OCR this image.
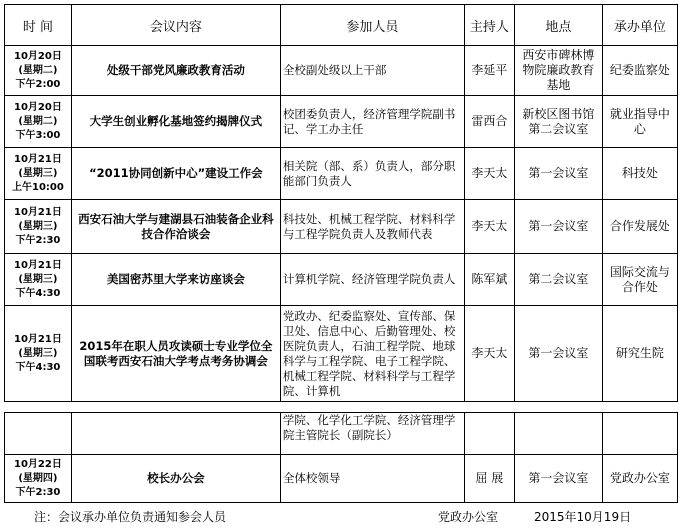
时 间	会议内容	参加人员	主持人	地点	承办单位

10月20日
(星期二)
下午2:00	处级干部党风廉政教育活动	全校副处级以上干部	李延平	西安市碑林博物院廉政教育基地	纪委监察处

10月20日
(星期二)
下午3:00	大学生创业孵化基地签约揭牌仪式	校团委负责人，经济管理学院副书记、学工办主任	雷西合	新校区图书馆第二会议室	就业指导中心

10月21日
(星期三)
上午10:00	“2011协同创新中心”建设工作会	相关院（部、系）负责人，部分职能部门负责人	李天太	第一会议室	科技处

10月21日
(星期三)
下午2:30	西安石油大学与建湖县石油装备企业科技合作洽谈会	科技处、机械工程学院、材料科学与工程学院负责人及教师代表	李天太	第一会议室	合作发展处

10月21日
(星期三)
下午4:30	美国密苏里大学来访座谈会	计算机学院、经济管理学院负责人	陈军斌	第二会议室	国际交流与合作处

10月21日
(星期三)
下午4:30	2015年在职人员攻读硕士专业学位全国联考西安石油大学考点考务协调会	党政办、纪委监察处、宣传部、保卫处、信息中心、后勤管理处、校医院负责人，石油工程学院、地球科学与工程学院、电子工程学院、机械工程学院、材料科学与工程学院、计算机	李天太	第一会议室	研究生院
		学院、化学化工学院、经济管理学院主管院长（副院长）			

10月22日
(星期四)
下午2:30	校长办公会	全体校领导	屈 展	第一会议室	党政办公室
注：会议承办单位负责通知参会人员	党政办公室	2015年10月19日
